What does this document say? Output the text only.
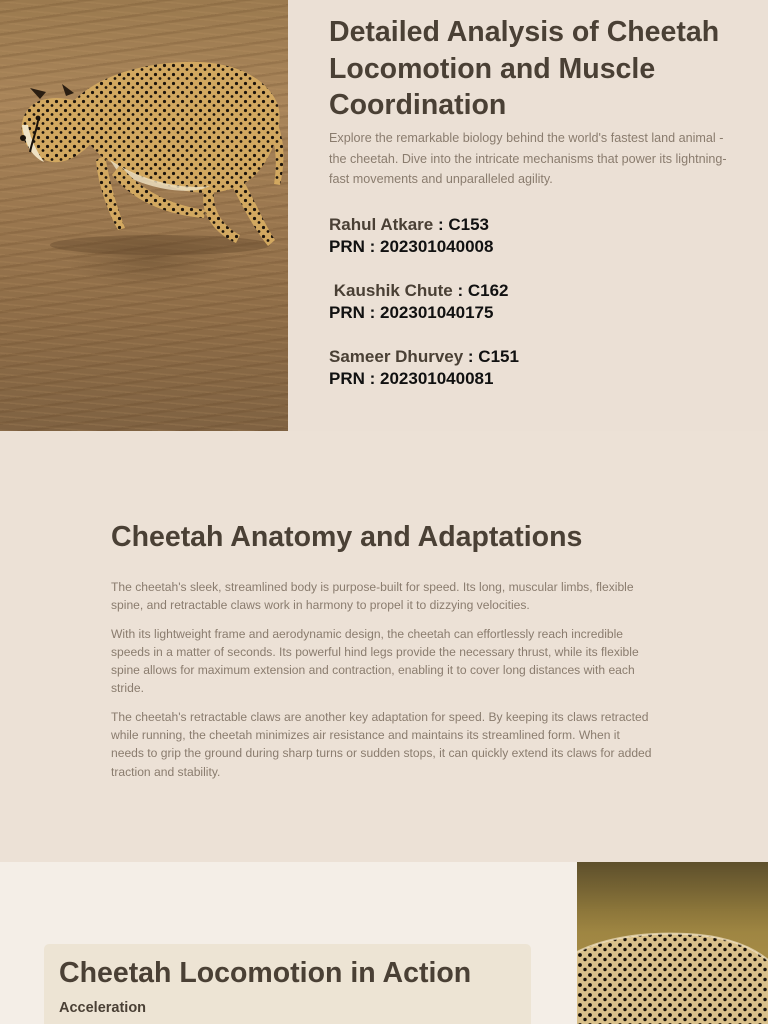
Detailed Analysis of Cheetah Locomotion and Muscle Coordination

Explore the remarkable biology behind the world's fastest land animal - the cheetah. Dive into the intricate mechanisms that power its lightning-fast movements and unparalleled agility.

Rahul Atkare : C153
PRN : 202301040008
Kaushik Chute : C162
PRN : 202301040175
Sameer Dhurvey : C151
PRN : 202301040081
Cheetah Anatomy and Adaptations

The cheetah's sleek, streamlined body is purpose-built for speed. Its long, muscular limbs, flexible spine, and retractable claws work in harmony to propel it to dizzying velocities.

With its lightweight frame and aerodynamic design, the cheetah can effortlessly reach incredible speeds in a matter of seconds. Its powerful hind legs provide the necessary thrust, while its flexible spine allows for maximum extension and contraction, enabling it to cover long distances with each stride.

The cheetah's retractable claws are another key adaptation for speed. By keeping its claws retracted while running, the cheetah minimizes air resistance and maintains its streamlined form. When it needs to grip the ground during sharp turns or sudden stops, it can quickly extend its claws for added traction and stability.

Cheetah Locomotion in Action
Acceleration
